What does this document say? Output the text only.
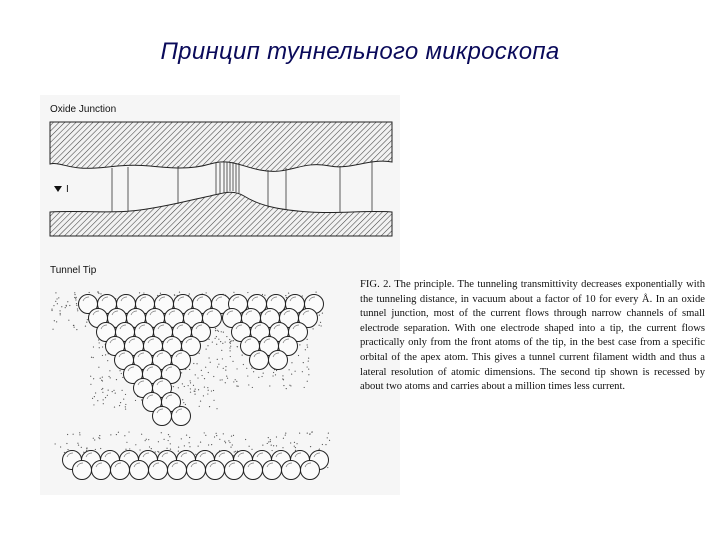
Принцип туннельного микроскопа
Oxide Junction
Tunnel Tip
I
FIG. 2. The principle. The tunneling transmittivity decreases exponentially with the tunneling distance, in vacuum about a factor of 10 for every Å. In an oxide tunnel junction, most of the current flows through narrow channels of small electrode separation. With one electrode shaped into a tip, the current flows practically only from the front atoms of the tip, in the best case from a specific orbital of the apex atom. This gives a tunnel current filament width and thus a lateral resolution of atomic dimensions. The second tip shown is recessed by about two atoms and carries about a million times less current.
